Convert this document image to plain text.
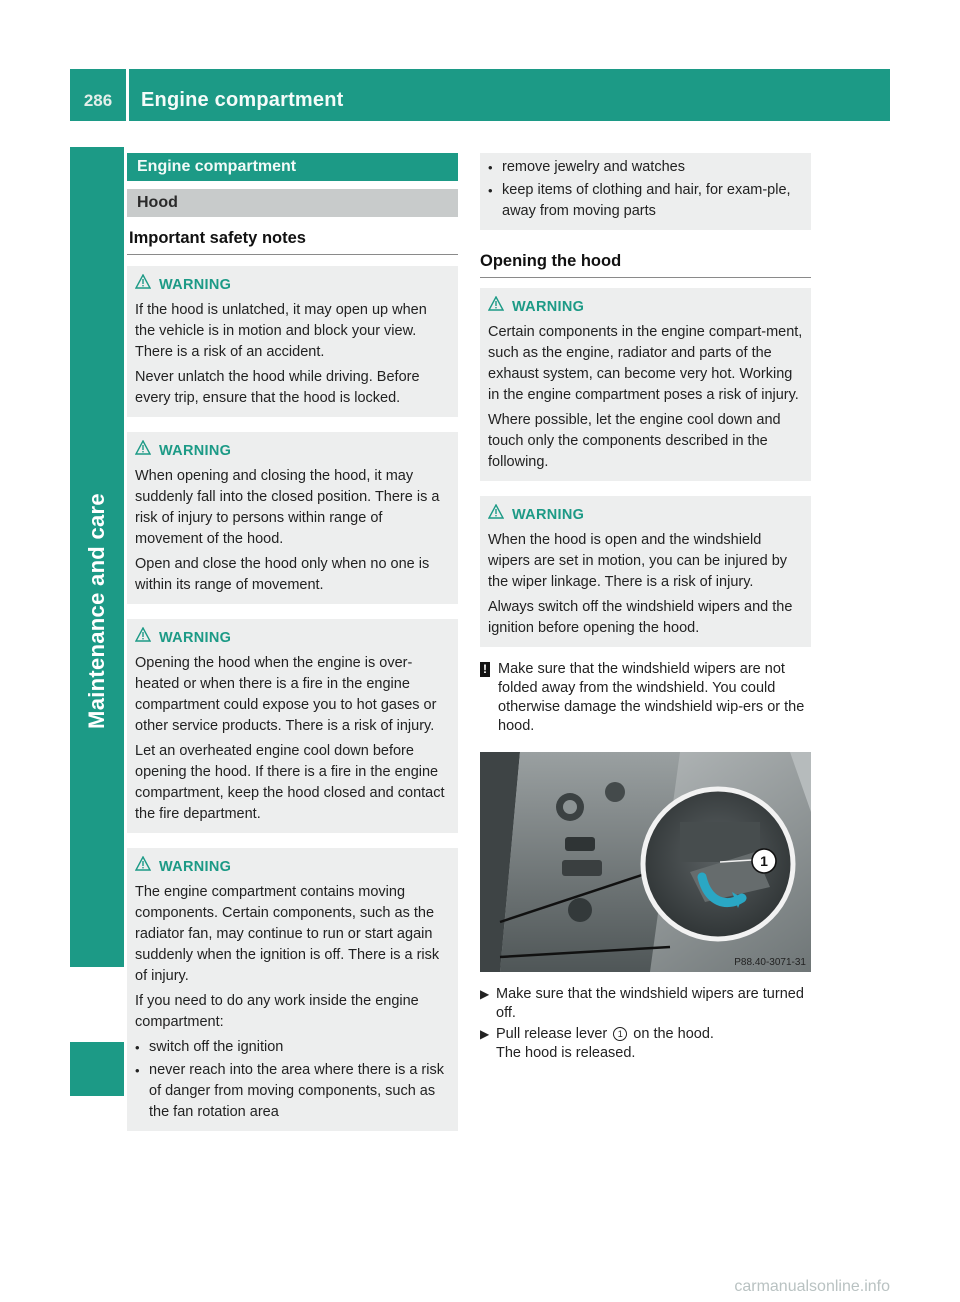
286	Engine compartment
Maintenance and care
Engine compartment
Hood
Important safety notes
WARNING

If the hood is unlatched, it may open up when the vehicle is in motion and block your view. There is a risk of an accident.

Never unlatch the hood while driving. Before every trip, ensure that the hood is locked.

WARNING

When opening and closing the hood, it may suddenly fall into the closed position. There is a risk of injury to persons within range of movement of the hood.

Open and close the hood only when no one is within its range of movement.

WARNING

Opening the hood when the engine is over-heated or when there is a fire in the engine compartment could expose you to hot gases or other service products. There is a risk of injury.

Let an overheated engine cool down before opening the hood. If there is a fire in the engine compartment, keep the hood closed and contact the fire department.

WARNING

The engine compartment contains moving components. Certain components, such as the radiator fan, may continue to run or start again suddenly when the ignition is off. There is a risk of injury.

If you need to do any work inside the engine compartment:

• switch off the ignition
• never reach into the area where there is a risk of danger from moving components, such as the fan rotation area
• remove jewelry and watches
• keep items of clothing and hair, for exam-ple, away from moving parts
Opening the hood
WARNING

Certain components in the engine compart-ment, such as the engine, radiator and parts of the exhaust system, can become very hot. Working in the engine compartment poses a risk of injury.

Where possible, let the engine cool down and touch only the components described in the following.

WARNING

When the hood is open and the windshield wipers are set in motion, you can be injured by the wiper linkage. There is a risk of injury.

Always switch off the windshield wipers and the ignition before opening the hood.

! Make sure that the windshield wipers are not folded away from the windshield. You could otherwise damage the windshield wip-ers or the hood.
1
P88.40-3071-31
▶ Make sure that the windshield wipers are turned off.
▶ Pull release lever 1 on the hood.
The hood is released.
carmanualsonline.info
